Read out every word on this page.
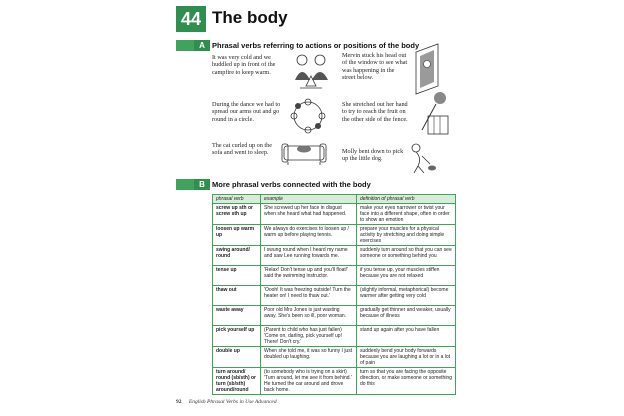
44 The body
A Phrasal verbs referring to actions or positions of the body
It was very cold and we huddled up in front of the campfire to keep warm.
During the dance we had to spread our arms out and go round in a circle.
The cat curled up on the sofa and went to sleep.
Mervin stuck his head out of the window to see what was happening in the street below.
She stretched out her hand to try to reach the fruit on the other side of the fence.
Molly bent down to pick up the little dog.
B More phrasal verbs connected with the body
phrasal verb	example	definition of phrasal verb
screw up sth or screw sth up	She screwed up her face in disgust when she heard what had happened.	make your eyes narrower or twist your face into a different shape, often in order to show an emotion
loosen up warm up	We always do exercises to loosen up / warm up before playing tennis.	prepare your muscles for a physical activity by stretching and doing simple exercises
swing around/ round	I swung round when I heard my name and saw Lee running towards me.	suddenly turn around so that you can see someone or something behind you
tense up	'Relax! Don't tense up and you'll float!' said the swimming instructor.	if you tense up, your muscles stiffen because you are not relaxed
thaw out	'Oooh! It was freezing outside! Turn the heater on! I need to thaw out.'	(slightly informal, metaphorical) become warmer after getting very cold
waste away	Poor old Mrs Jones is just wasting away. She's been so ill, poor woman.	gradually get thinner and weaker, usually because of illness
pick yourself up	(Parent to child who has just fallen) 'Come on, darling, pick yourself up! There! Don't cry.'	stand up again after you have fallen
double up	When she told me, it was so funny I just doubled up laughing.	suddenly bend your body forwards because you are laughing a lot or in a lot of pain
turn around/ round (sb/sth) or turn (sb/sth) around/round	(to somebody who is trying on a skirt) 'Turn around, let me see it from behind.' He turned the car around and drove back home.	turn so that you are facing the opposite direction, or make someone or something do this
92 English Phrasal Verbs in Use Advanced
